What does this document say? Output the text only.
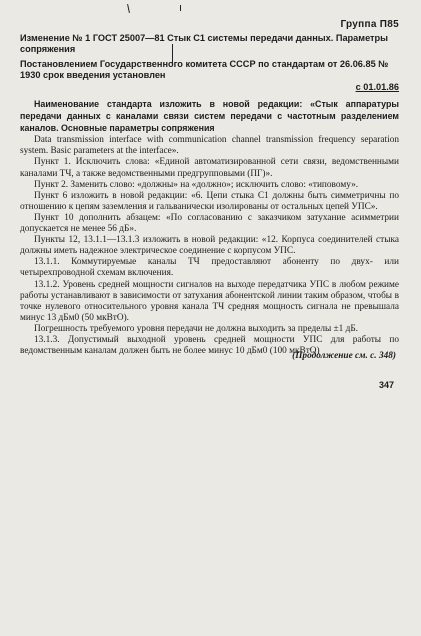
Группа П85
Изменение № 1 ГОСТ 25007—81 Стык С1 системы передачи данных. Параметры сопряжения
Постановлением Государственного комитета СССР по стандартам от 26.06.85 № 1930 срок введения установлен
с 01.01.86

Наименование стандарта изложить в новой редакции: «Стык аппаратуры передачи данных с каналами связи систем передачи с частотным разделением каналов. Основные параметры сопряжения

Data transmission interface with communication channel transmission frequency separation system. Basic parameters at the interface».

Пункт 1. Исключить слова: «Единой автоматизированной сети связи, ведомственными каналами ТЧ, а также ведомственными предгрупповыми (ПГ)».

Пункт 2. Заменить слово: «должны» на «должно»; исключить слово: «типовому».

Пункт 6 изложить в новой редакции: «6. Цепи стыка С1 должны быть симметричны по отношению к цепям заземления и гальванически изолированы от остальных цепей УПС».

Пункт 10 дополнить абзацем: «По согласованию с заказчиком затухание асимметрии допускается не менее 56 дБ».

Пункты 12, 13.1.1—13.1.3 изложить в новой редакции: «12. Корпуса соединителей стыка должны иметь надежное электрическое соединение с корпусом УПС.

13.1.1. Коммутируемые каналы ТЧ предоставляют абоненту по двух- или четырехпроводной схемам включения.

13.1.2. Уровень средней мощности сигналов на выходе передатчика УПС в любом режиме работы устанавливают в зависимости от затухания абонентской линии таким образом, чтобы в точке нулевого относительного уровня канала ТЧ средняя мощность сигнала не превышала минус 13 дБм0 (50 мкВтО).

Погрешность требуемого уровня передачи не должна выходить за пределы ±1 дБ.

13.1.3. Допустимый выходной уровень средней мощности УПС для работы по ведомственным каналам должен быть не более минус 10 дБм0 (100 мкВтО)

(Продолжение см. с. 348)
347
